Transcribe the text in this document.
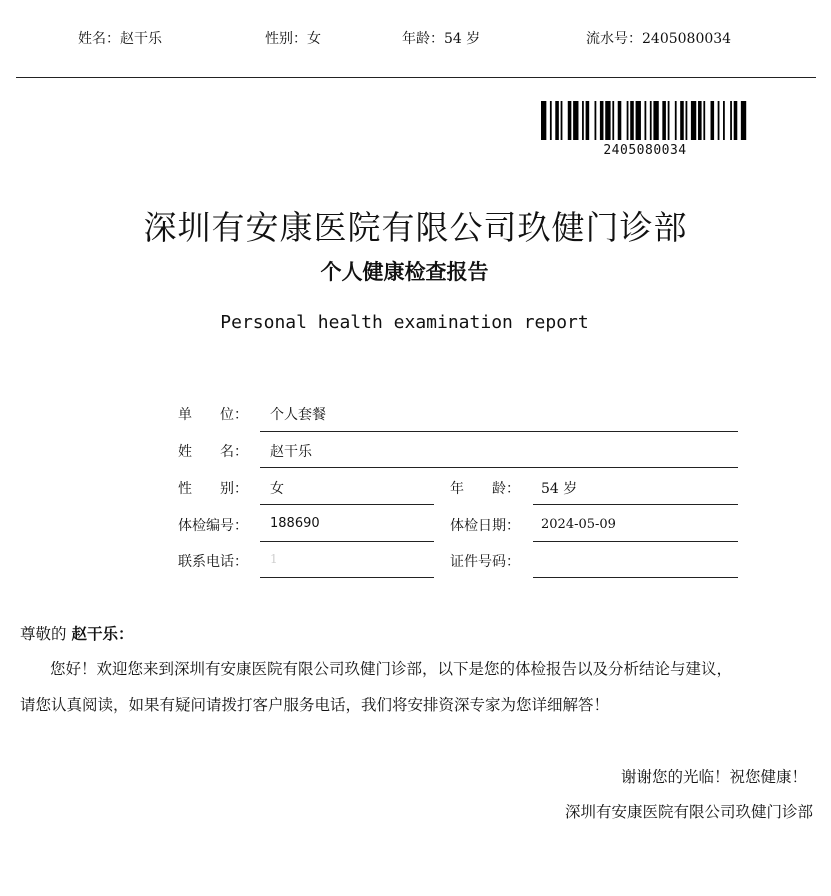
姓名：赵干乐	性别：女	年龄：54 岁	流水号：2405080034
2405080034
深圳有安康医院有限公司玖健门诊部
个人健康检查报告
Personal health examination report
单　　位： 个人套餐
姓　　名： 赵干乐
性　　别： 女	年　　龄： 54 岁
体检编号： 188690	体检日期： 2024-05-09
联系电话： 1	证件号码：
尊敬的 赵干乐：
您好！欢迎您来到深圳有安康医院有限公司玖健门诊部，以下是您的体检报告以及分析结论与建议，
请您认真阅读，如果有疑问请拨打客户服务电话，我们将安排资深专家为您详细解答！
谢谢您的光临！祝您健康！
深圳有安康医院有限公司玖健门诊部
